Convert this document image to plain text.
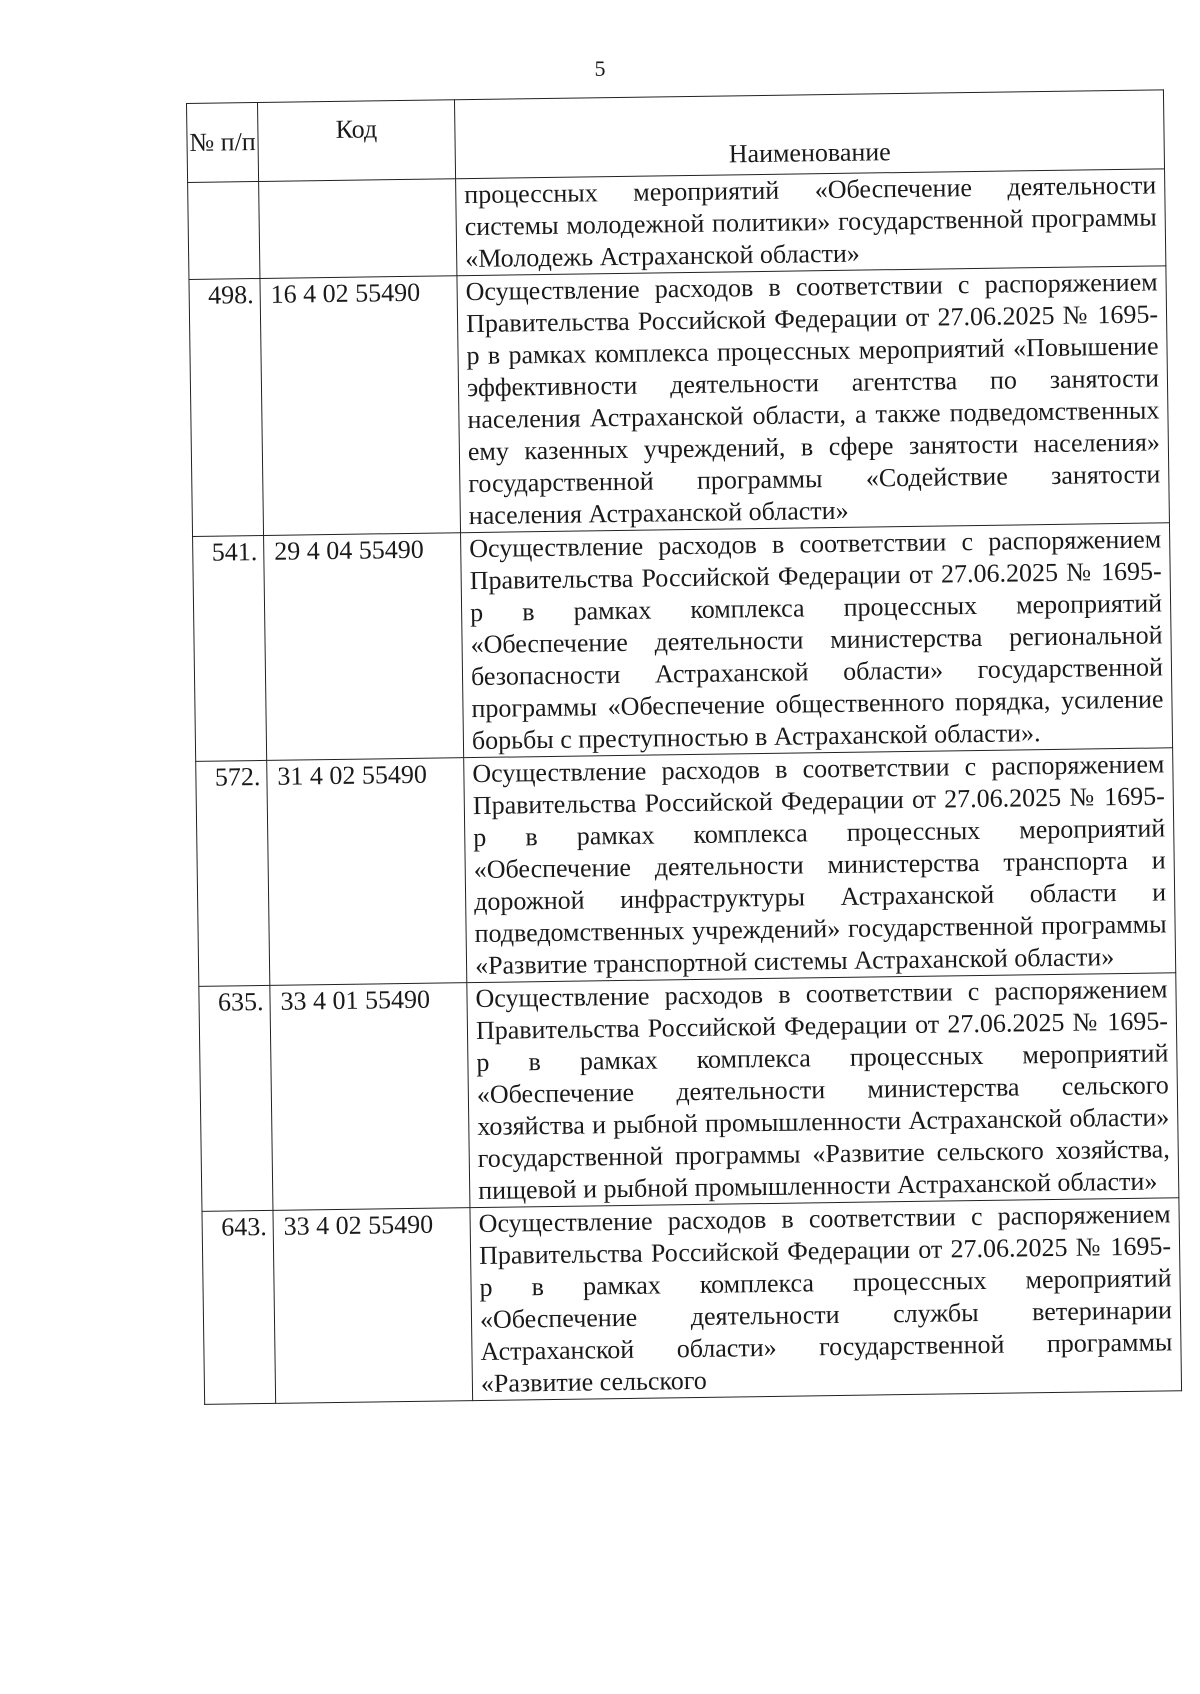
5
№ п/п	Код	Наименование
		процессных мероприятий «Обеспечение деятельности системы молодежной политики» государственной программы «Молодежь Астраханской области»
498.	16 4 02 55490	Осуществление расходов в соответствии с распоряжением Правительства Российской Федерации от 27.06.2025 № 1695-р в рамках комплекса процессных мероприятий «Повышение эффективности деятельности агентства по занятости населения Астраханской области, а также подведомственных ему казенных учреждений, в сфере занятости населения» государственной программы «Содействие занятости населения Астраханской области»
541.	29 4 04 55490	Осуществление расходов в соответствии с распоряжением Правительства Российской Федерации от 27.06.2025 № 1695-р в рамках комплекса процессных мероприятий «Обеспечение деятельности министерства региональной безопасности Астраханской области» государственной программы «Обеспечение общественного порядка, усиление борьбы с преступностью в Астраханской области».
572.	31 4 02 55490	Осуществление расходов в соответствии с распоряжением Правительства Российской Федерации от 27.06.2025 № 1695-р в рамках комплекса процессных мероприятий «Обеспечение деятельности министерства транспорта и дорожной инфраструктуры Астраханской области и подведомственных учреждений» государственной программы «Развитие транспортной системы Астраханской области»
635.	33 4 01 55490	Осуществление расходов в соответствии с распоряжением Правительства Российской Федерации от 27.06.2025 № 1695-р в рамках комплекса процессных мероприятий «Обеспечение деятельности министерства сельского хозяйства и рыбной промышленности Астраханской области» государственной программы «Развитие сельского хозяйства, пищевой и рыбной промышленности Астраханской области»
643.	33 4 02 55490	Осуществление расходов в соответствии с распоряжением Правительства Российской Федерации от 27.06.2025 № 1695-р в рамках комплекса процессных мероприятий «Обеспечение деятельности службы ветеринарии Астраханской области» государственной программы «Развитие сельского
